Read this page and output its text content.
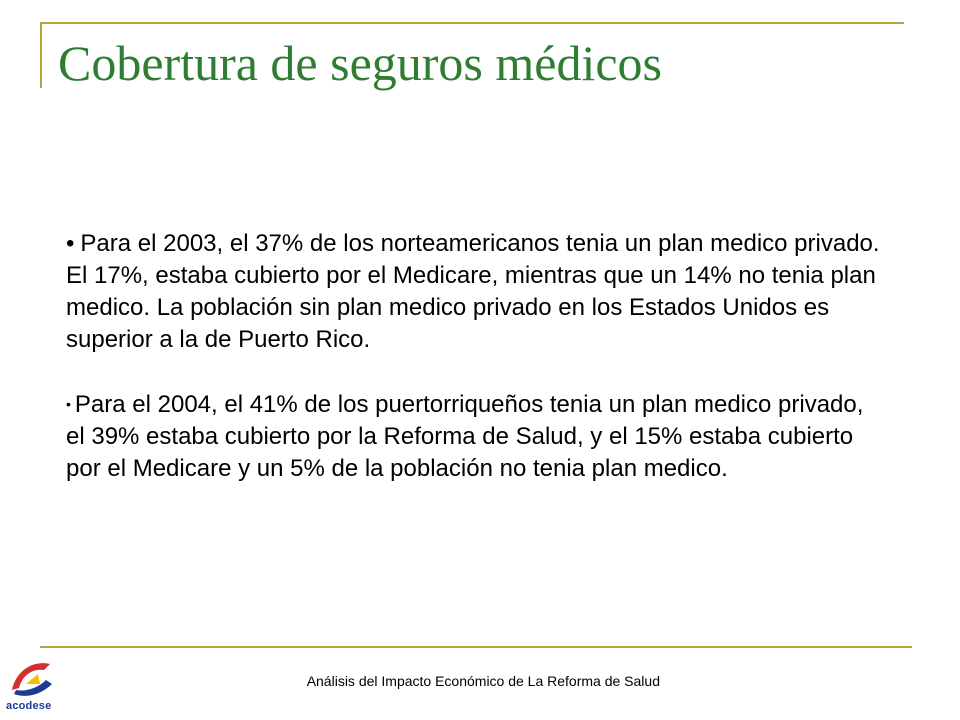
Cobertura de seguros médicos

• Para el 2003, el 37% de los norteamericanos tenia un plan medico privado. El 17%, estaba cubierto por el Medicare, mientras que un 14% no tenia plan medico. La población sin plan medico privado en los Estados Unidos es superior a la de Puerto Rico.

• Para el 2004, el 41% de los puertorriqueños tenia un plan medico privado, el 39% estaba cubierto por la Reforma de Salud, y el 15% estaba cubierto por el Medicare y un 5% de la población no tenia plan medico.

Análisis del Impacto Económico de La Reforma de Salud
acodese
